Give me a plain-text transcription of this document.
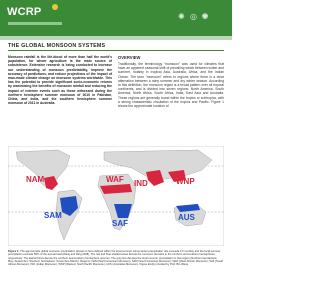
WCRP	✺ ◎ ◉
THE GLOBAL MONSOON SYSTEMS
Monsoon rainfall is the life-blood of more than half the world's population, for whom agriculture is the main source of subsistence. Extensive research is being conducted to increase our understanding of monsoon predictability, improve the accuracy of predictions, and reduce projections of the impact of man-made climate change on monsoon systems worldwide. This has the potential to provide significant socio-economic returns by maximising the benefits of monsoon rainfall and reducing the impact of extreme events such as those witnessed during the northern hemisphere summer monsoon of 2010 in Pakistan, China, and India, and the southern hemisphere summer monsoon of 2011 in Australia.
OVERVIEW
Traditionally, the terminology "monsoon" was used for climates that have an apparent seasonal shift of prevailing winds between winter and summer, notably in tropical Asia, Australia, Africa, and the Indian Ocean. The term "monsoon" refers to regions where there is a clear alternation between a rainy summer and dry winter season. According to this definition, the monsoon region is a broad pattern over all tropical continents, and is divided into seven regions: North America, South America, North Africa, South Africa, India, East Asia and Australia. These regions are generally found within the tropics or subtropics, with a strong characteristic circulation of the tropics and Pacific. Figure 1 shows the approximate location of
NAM	WAF IND	WNP
SAM
SAF
AUS
Figure 1: The approximate global monsoon precipitation domain is here defined within the local summer minus winter precipitation rate exceeds 2.0 mm/day and the local summer precipitation exceeds 55% of the annual total (Wang and Ding 2008). The red and blue shaded areas denote the monsoon domains in the northern and southern hemispheres, respectively. The dashed lines denote the northern and southern hemisphere summer. The grey line denotes the local summer precipitation in that region (Northern hemisphere: May–September; Southern hemisphere: November–March). Regions: NAM (North American Monsoon); SAM (South American Monsoon); WAF (West African Monsoon); SAF (South African Monsoon); IND (Indian Monsoon); WNP (Western North Pacific Monsoon); AUS (Australian Monsoon). Figure kindly provided by Prof. Bin Wang.
